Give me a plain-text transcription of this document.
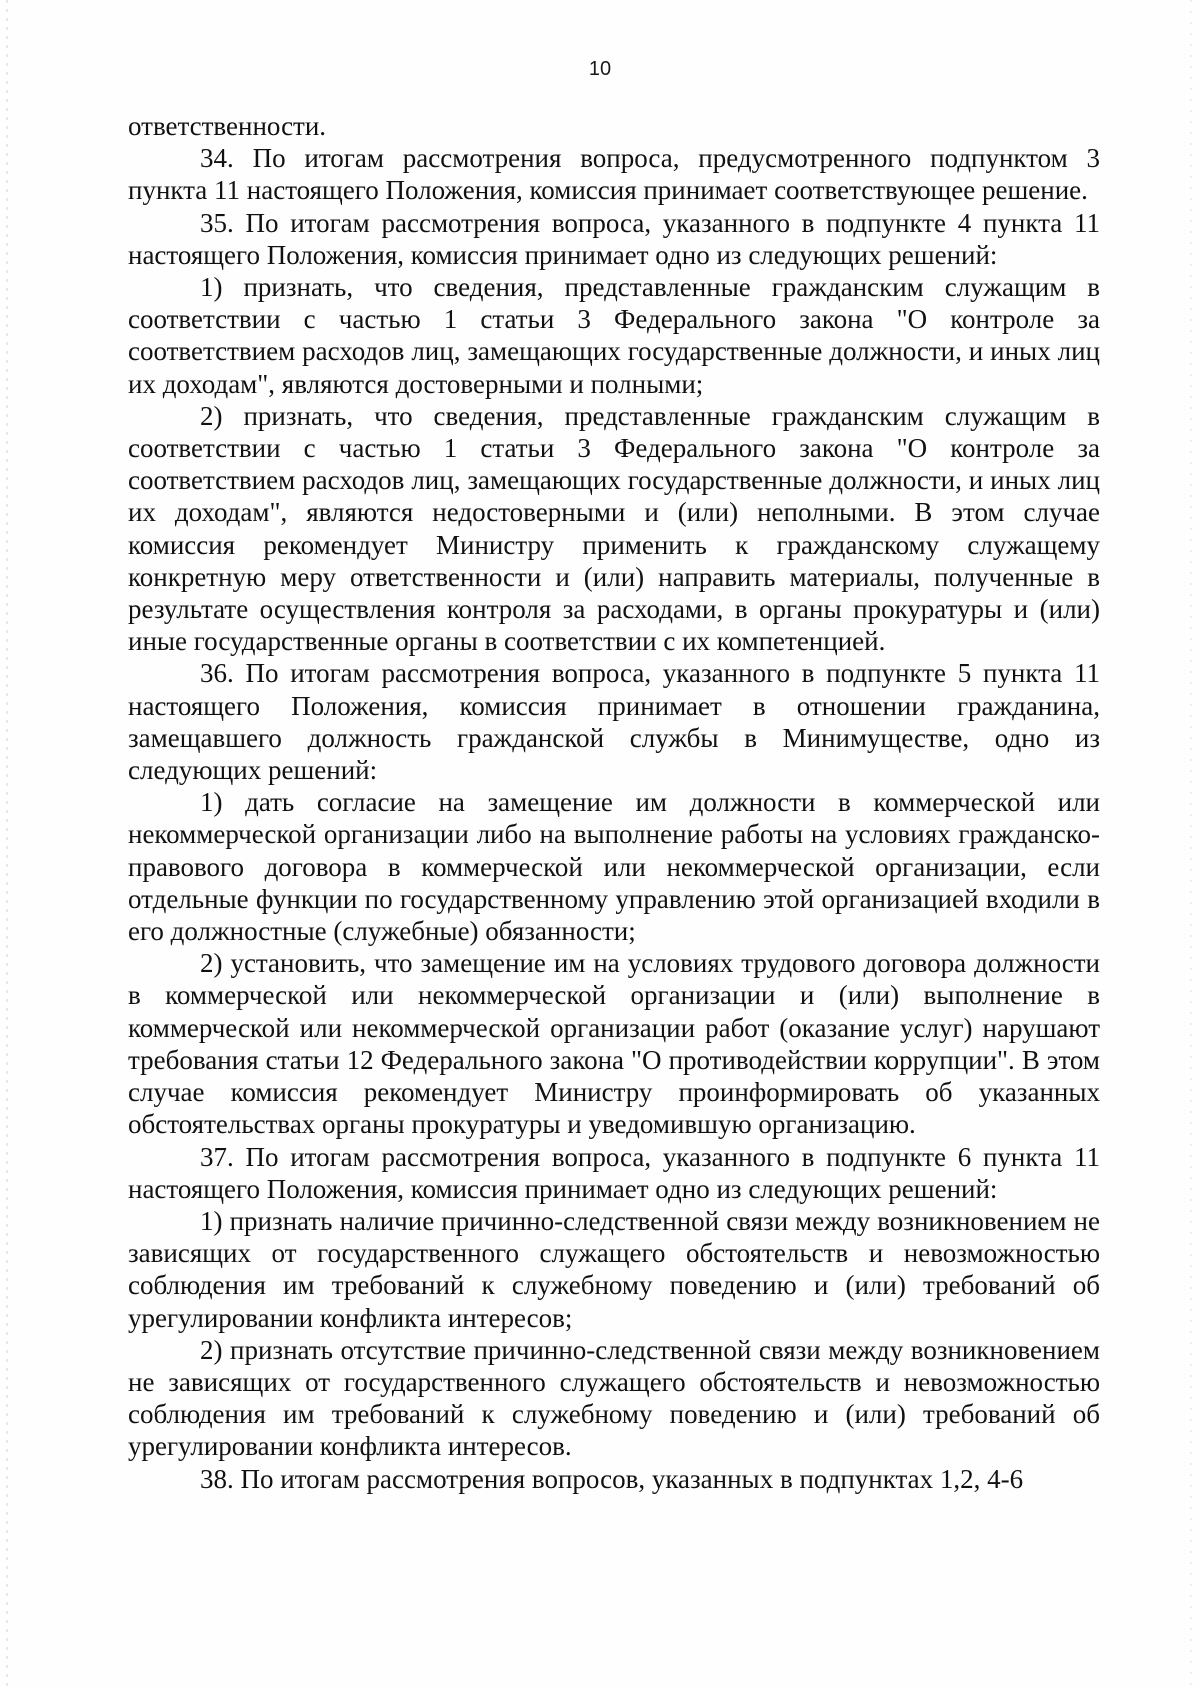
10

ответственности.

34. По итогам рассмотрения вопроса, предусмотренного подпунктом 3 пункта 11 настоящего Положения, комиссия принимает соответствующее решение.

35. По итогам рассмотрения вопроса, указанного в подпункте 4 пункта 11 настоящего Положения, комиссия принимает одно из следующих решений:

1) признать, что сведения, представленные гражданским служащим в соответствии с частью 1 статьи 3 Федерального закона "О контроле за соответствием расходов лиц, замещающих государственные должности, и иных лиц их доходам", являются достоверными и полными;

2) признать, что сведения, представленные гражданским служащим в соответствии с частью 1 статьи 3 Федерального закона "О контроле за соответствием расходов лиц, замещающих государственные должности, и иных лиц их доходам", являются недостоверными и (или) неполными. В этом случае комиссия рекомендует Министру применить к гражданскому служащему конкретную меру ответственности и (или) направить материалы, полученные в результате осуществления контроля за расходами, в органы прокуратуры и (или) иные государственные органы в соответствии с их компетенцией.

36. По итогам рассмотрения вопроса, указанного в подпункте 5 пункта 11 настоящего Положения, комиссия принимает в отношении гражданина, замещавшего должность гражданской службы в Минимуществе, одно из следующих решений:

1) дать согласие на замещение им должности в коммерческой или некоммерческой организации либо на выполнение работы на условиях гражданско-правового договора в коммерческой или некоммерческой организации, если отдельные функции по государственному управлению этой организацией входили в его должностные (служебные) обязанности;

2) установить, что замещение им на условиях трудового договора должности в коммерческой или некоммерческой организации и (или) выполнение в коммерческой или некоммерческой организации работ (оказание услуг) нарушают требования статьи 12 Федерального закона "О противодействии коррупции". В этом случае комиссия рекомендует Министру проинформировать об указанных обстоятельствах органы прокуратуры и уведомившую организацию.

37. По итогам рассмотрения вопроса, указанного в подпункте 6 пункта 11 настоящего Положения, комиссия принимает одно из следующих решений:

1) признать наличие причинно-следственной связи между возникновением не зависящих от государственного служащего обстоятельств и невозможностью соблюдения им требований к служебному поведению и (или) требований об урегулировании конфликта интересов;

2) признать отсутствие причинно-следственной связи между возникновением не зависящих от государственного служащего обстоятельств и невозможностью соблюдения им требований к служебному поведению и (или) требований об урегулировании конфликта интересов.

38. По итогам рассмотрения вопросов, указанных в подпунктах 1,2, 4-6
